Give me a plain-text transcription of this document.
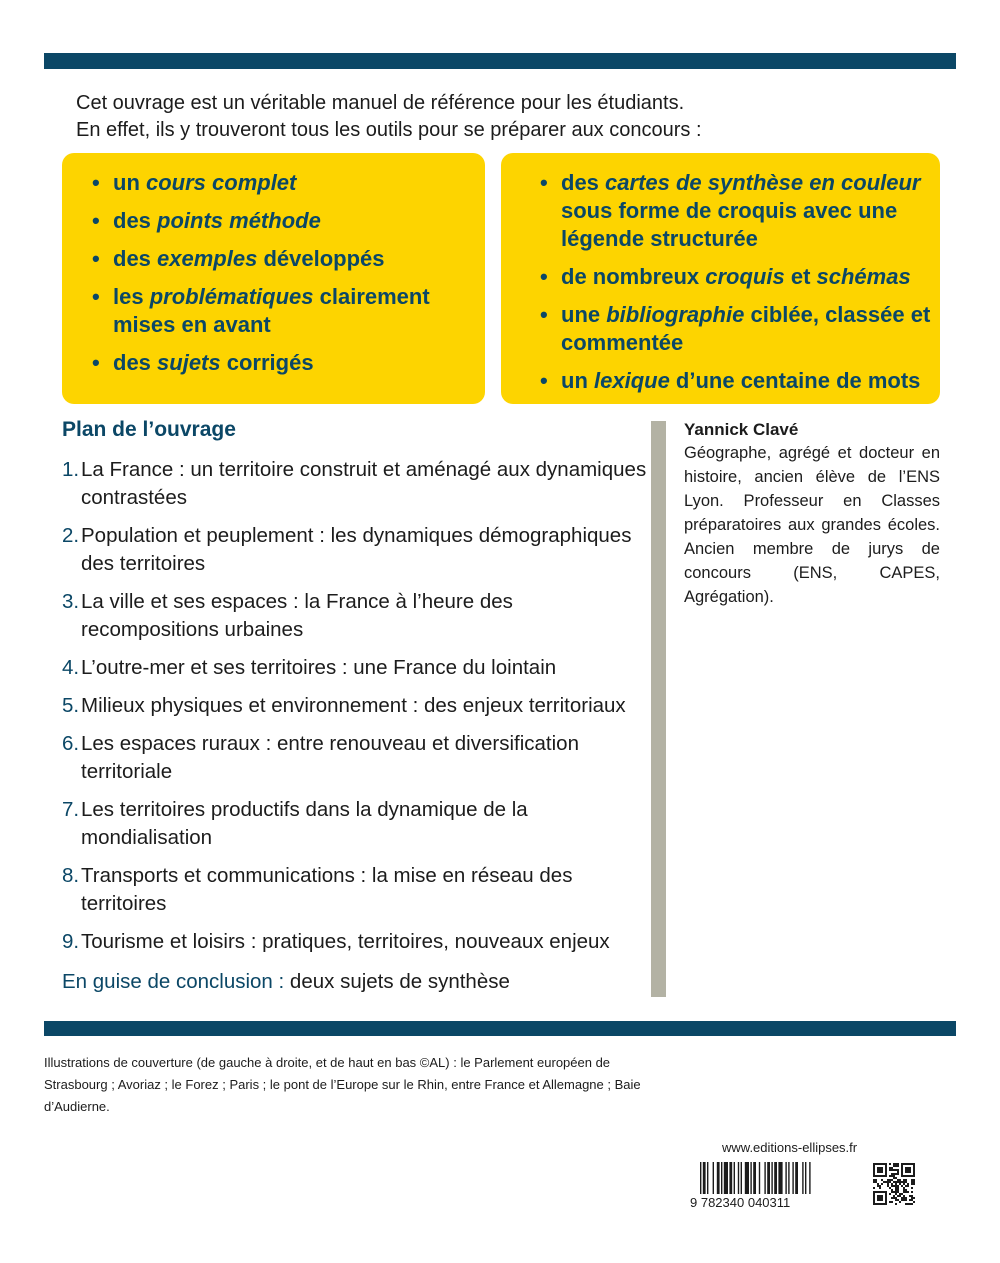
Cet ouvrage est un véritable manuel de référence pour les étudiants.
En effet, ils y trouveront tous les outils pour se préparer aux concours :
• un cours complet
• des points méthode
• des exemples développés
• les problématiques clairement mises en avant
• des sujets corrigés
• des cartes de synthèse en couleur sous forme de croquis avec une légende structurée
• de nombreux croquis et schémas
• une bibliographie ciblée, classée et commentée
• un lexique d’une centaine de mots
Plan de l’ouvrage
1. La France : un territoire construit et aménagé aux dynamiques contrastées
2. Population et peuplement : les dynamiques démographiques des territoires
3. La ville et ses espaces : la France à l’heure des recompositions urbaines
4. L’outre-mer et ses territoires : une France du lointain
5. Milieux physiques et environnement : des enjeux territoriaux
6. Les espaces ruraux : entre renouveau et diversification territoriale
7. Les territoires productifs dans la dynamique de la mondialisation
8. Transports et communications : la mise en réseau des territoires
9. Tourisme et loisirs : pratiques, territoires, nouveaux enjeux
En guise de conclusion : deux sujets de synthèse
Yannick Clavé
Géographe, agrégé et docteur en histoire, ancien élève de l’ENS Lyon. Professeur en Classes préparatoires aux grandes écoles. Ancien membre de jurys de concours (ENS, CAPES, Agrégation).
Illustrations de couverture (de gauche à droite, et de haut en bas ©AL) : le Parlement européen de Strasbourg ; Avoriaz ; le Forez ; Paris ; le pont de l’Europe sur le Rhin, entre France et Allemagne ; Baie d’Audierne.
www.editions-ellipses.fr
9 782340 040311
